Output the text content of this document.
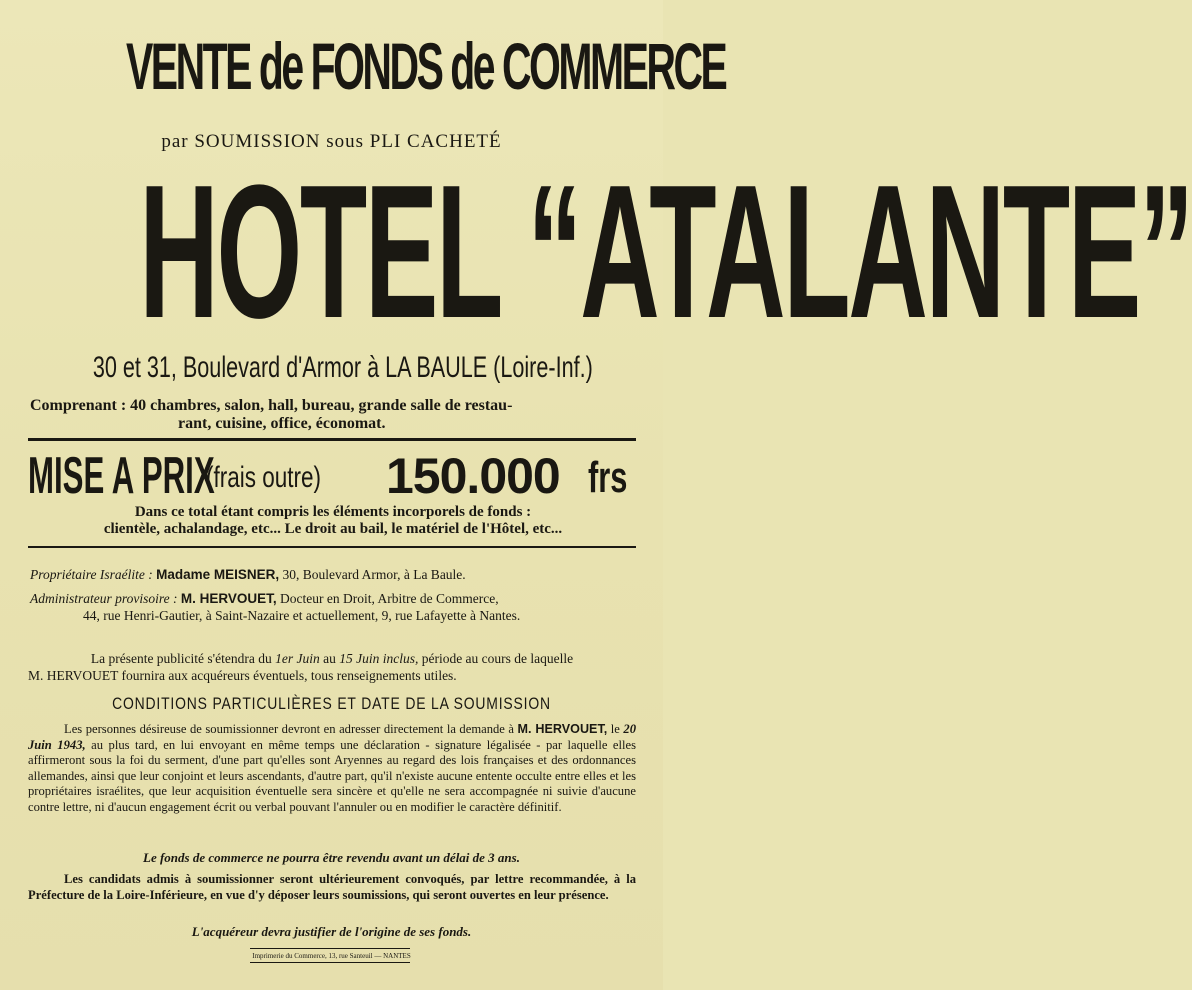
VENTE de FONDS de COMMERCE
par SOUMISSION sous PLI CACHETÉ
HOTEL “ATALANTE”
30 et 31, Boulevard d'Armor à LA BAULE (Loire-Inf.)
Comprenant : 40 chambres, salon, hall, bureau, grande salle de restau-
rant, cuisine, office, économat.
MISE A PRIX
(frais outre) 150.000 frs
Dans ce total étant compris les éléments incorporels de fonds :
clientèle, achalandage, etc... Le droit au bail, le matériel de l'Hôtel, etc...
Propriétaire Israélite : Madame MEISNER, 30, Boulevard Armor, à La Baule.
Administrateur provisoire : M. HERVOUET, Docteur en Droit, Arbitre de Commerce,
44, rue Henri-Gautier, à Saint-Nazaire et actuellement, 9, rue Lafayette à Nantes.
La présente publicité s'étendra du 1er Juin au 15 Juin inclus, période au cours de laquelle
M. HERVOUET fournira aux acquéreurs éventuels, tous renseignements utiles.
CONDITIONS PARTICULIÈRES ET DATE DE LA SOUMISSION

Les personnes désireuse de soumissionner devront en adresser directement la demande à M. HERVOUET, le 20 Juin 1943, au plus tard, en lui envoyant en même temps une déclaration - signature légalisée - par laquelle elles affirmeront sous la foi du serment, d'une part qu'elles sont Aryennes au regard des lois françaises et des ordonnances allemandes, ainsi que leur conjoint et leurs ascendants, d'autre part, qu'il n'existe aucune entente occulte entre elles et les propriétaires israélites, que leur acquisition éventuelle sera sincère et qu'elle ne sera accompagnée ni suivie d'aucune contre lettre, ni d'aucun engagement écrit ou verbal pouvant l'annuler ou en modifier le caractère définitif.

Le fonds de commerce ne pourra être revendu avant un délai de 3 ans.
Les candidats admis à soumissionner seront ultérieurement convoqués, par lettre recommandée, à la Préfecture de la Loire-Inférieure, en vue d'y déposer leurs soumissions, qui seront ouvertes en leur présence.
L'acquéreur devra justifier de l'origine de ses fonds.
Imprimerie du Commerce, 13, rue Santeuil — NANTES
